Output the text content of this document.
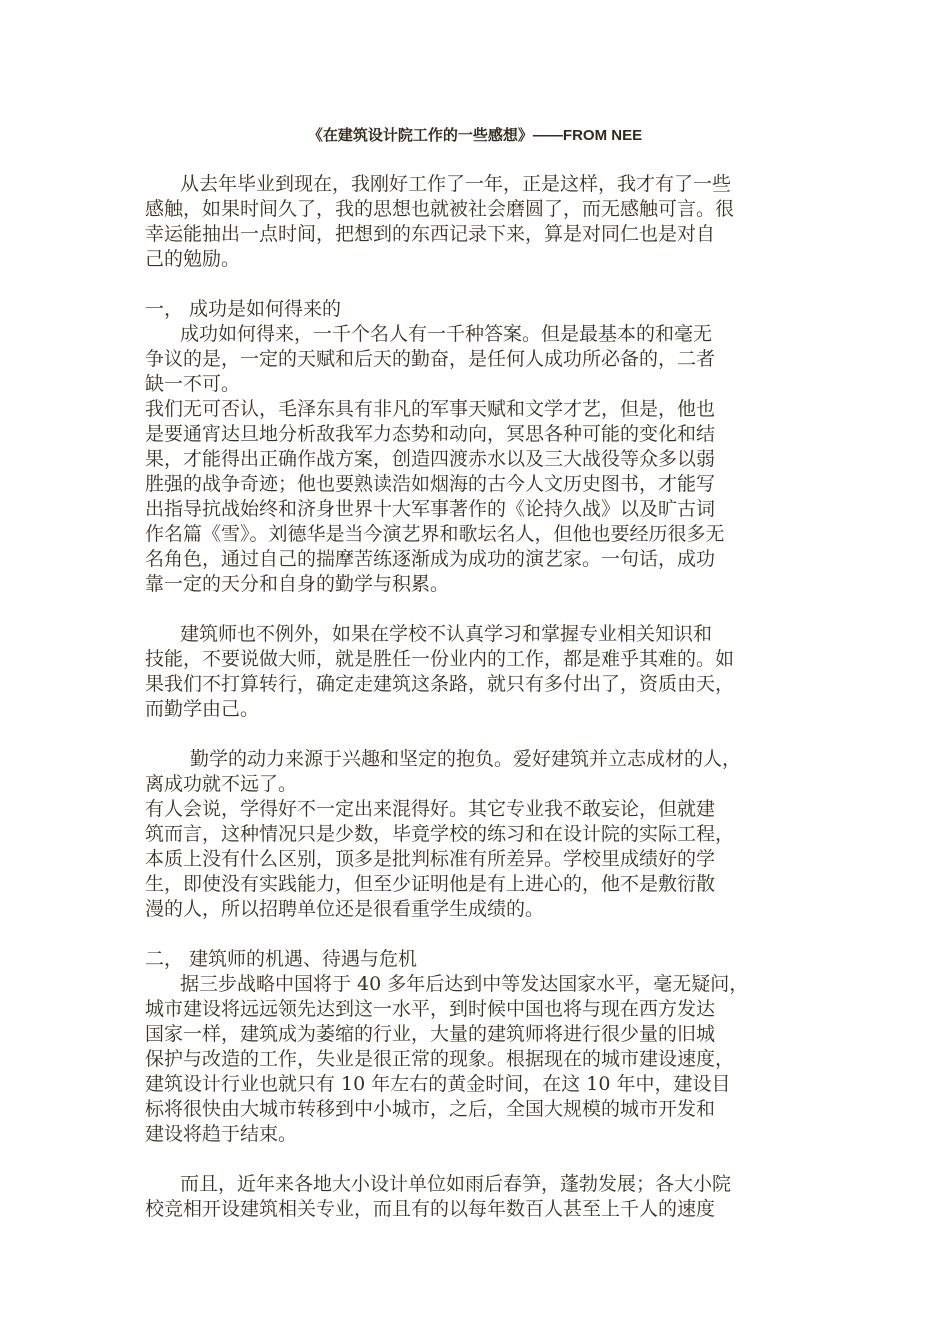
《在建筑设计院工作的一些感想》——FROM NEE

从去年毕业到现在，我刚好工作了一年，正是这样，我才有了一些
感触，如果时间久了，我的思想也就被社会磨圆了，而无感触可言。很
幸运能抽出一点时间，把想到的东西记录下来，算是对同仁也是对自
己的勉励。

一， 成功是如何得来的

成功如何得来，一千个名人有一千种答案。但是最基本的和毫无
争议的是，一定的天赋和后天的勤奋，是任何人成功所必备的，二者
缺一不可。

我们无可否认，毛泽东具有非凡的军事天赋和文学才艺，但是，他也
是要通宵达旦地分析敌我军力态势和动向，冥思各种可能的变化和结
果，才能得出正确作战方案，创造四渡赤水以及三大战役等众多以弱
胜强的战争奇迹；他也要熟读浩如烟海的古今人文历史图书，才能写
出指导抗战始终和济身世界十大军事著作的《论持久战》以及旷古词
作名篇《雪》。刘德华是当今演艺界和歌坛名人，但他也要经历很多无
名角色，通过自己的揣摩苦练逐渐成为成功的演艺家。一句话，成功
靠一定的天分和自身的勤学与积累。

建筑师也不例外，如果在学校不认真学习和掌握专业相关知识和
技能，不要说做大师，就是胜任一份业内的工作，都是难乎其难的。如
果我们不打算转行，确定走建筑这条路，就只有多付出了，资质由天，
而勤学由己。

勤学的动力来源于兴趣和坚定的抱负。爱好建筑并立志成材的人，
离成功就不远了。

有人会说，学得好不一定出来混得好。其它专业我不敢妄论，但就建
筑而言，这种情况只是少数，毕竟学校的练习和在设计院的实际工程，
本质上没有什么区别，顶多是批判标准有所差异。学校里成绩好的学
生，即使没有实践能力，但至少证明他是有上进心的，他不是敷衍散
漫的人，所以招聘单位还是很看重学生成绩的。

二， 建筑师的机遇、待遇与危机

据三步战略中国将于 40 多年后达到中等发达国家水平，毫无疑问，
城市建设将远远领先达到这一水平，到时候中国也将与现在西方发达
国家一样，建筑成为萎缩的行业，大量的建筑师将进行很少量的旧城
保护与改造的工作，失业是很正常的现象。根据现在的城市建设速度，
建筑设计行业也就只有 10 年左右的黄金时间，在这 10 年中，建设目
标将很快由大城市转移到中小城市，之后，全国大规模的城市开发和
建设将趋于结束。

而且，近年来各地大小设计单位如雨后春笋，蓬勃发展；各大小院
校竞相开设建筑相关专业，而且有的以每年数百人甚至上千人的速度
